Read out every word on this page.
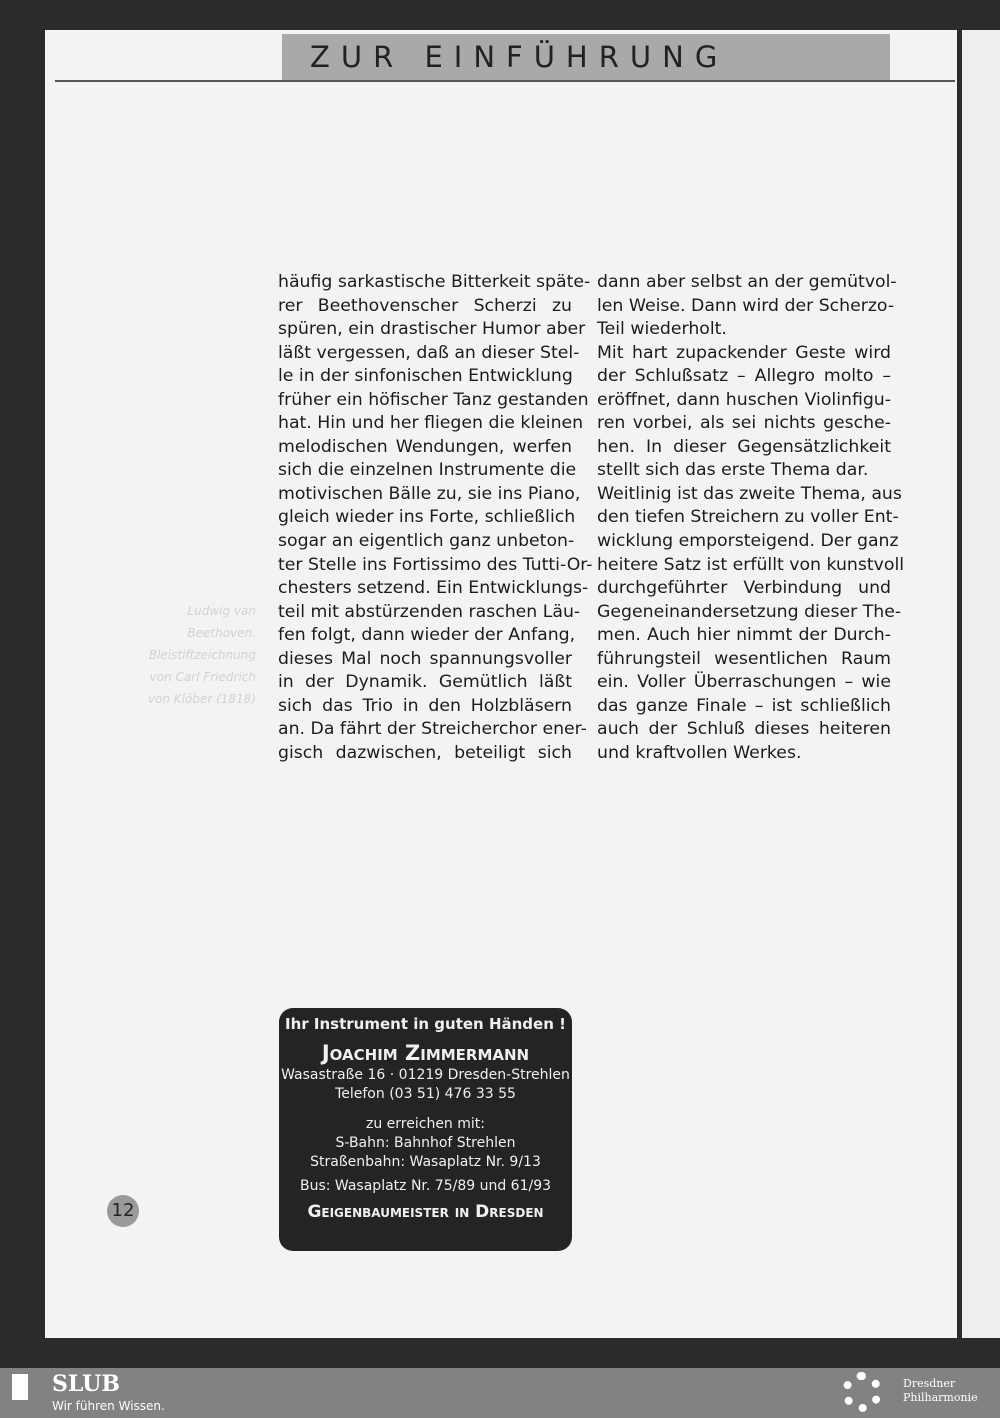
ZUR EINFÜHRUNG
Ludwig van
Beethoven.
Bleistiftzeichnung
von Carl Friedrich
von Klöber (1818)
häufig sarkastische Bitterkeit späte-
rer Beethovenscher Scherzi zu
spüren, ein drastischer Humor aber
läßt vergessen, daß an dieser Stel-
le in der sinfonischen Entwicklung
früher ein höfischer Tanz gestanden
hat. Hin und her fliegen die kleinen
melodischen Wendungen, werfen
sich die einzelnen Instrumente die
motivischen Bälle zu, sie ins Piano,
gleich wieder ins Forte, schließlich
sogar an eigentlich ganz unbeton-
ter Stelle ins Fortissimo des Tutti-Or-
chesters setzend. Ein Entwicklungs-
teil mit abstürzenden raschen Läu-
fen folgt, dann wieder der Anfang,
dieses Mal noch spannungsvoller
in der Dynamik. Gemütlich läßt
sich das Trio in den Holzbläsern
an. Da fährt der Streicherchor ener-
gisch dazwischen, beteiligt sich
dann aber selbst an der gemütvol-
len Weise. Dann wird der Scherzo-
Teil wiederholt.
Mit hart zupackender Geste wird
der Schlußsatz – Allegro molto –
eröffnet, dann huschen Violinfigu-
ren vorbei, als sei nichts gesche-
hen. In dieser Gegensätzlichkeit
stellt sich das erste Thema dar.
Weitlinig ist das zweite Thema, aus
den tiefen Streichern zu voller Ent-
wicklung emporsteigend. Der ganz
heitere Satz ist erfüllt von kunstvoll
durchgeführter Verbindung und
Gegeneinandersetzung dieser The-
men. Auch hier nimmt der Durch-
führungsteil wesentlichen Raum
ein. Voller Überraschungen – wie
das ganze Finale – ist schließlich
auch der Schluß dieses heiteren
und kraftvollen Werkes.
Ihr Instrument in guten Händen !
Joachim Zimmermann
Wasastraße 16 · 01219 Dresden-Strehlen
Telefon (03 51) 476 33 55
zu erreichen mit:
S-Bahn: Bahnhof Strehlen
Straßenbahn: Wasaplatz Nr. 9/13
Bus: Wasaplatz Nr. 75/89 und 61/93
Geigenbaumeister in Dresden
12
SLUB
Wir führen Wissen.
Dresdner
Philharmonie
